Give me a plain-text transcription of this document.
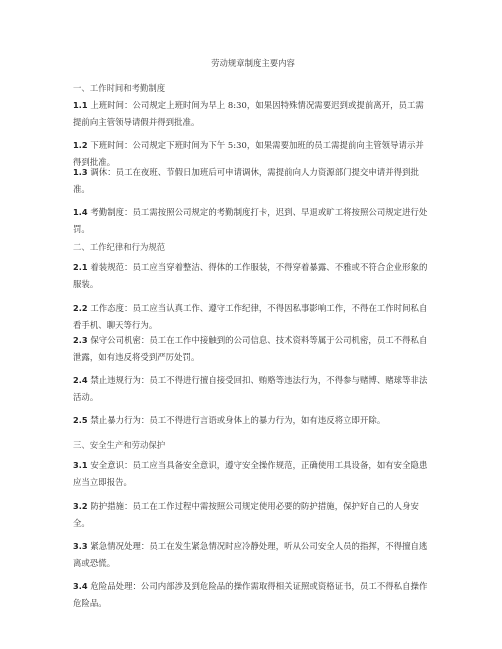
劳动规章制度主要内容
一、工作时间和考勤制度
1.1 上班时间：公司规定上班时间为早上 8:30，如果因特殊情况需要迟到或提前离开，员工需提前向主管领导请假并得到批准。
1.2 下班时间：公司规定下班时间为下午 5:30，如果需要加班的员工需提前向主管领导请示并得到批准。
1.3 调休：员工在夜班、节假日加班后可申请调休，需提前向人力资源部门提交申请并得到批准。
1.4 考勤制度：员工需按照公司规定的考勤制度打卡，迟到、早退或旷工将按照公司规定进行处罚。
二、工作纪律和行为规范
2.1 着装规范：员工应当穿着整洁、得体的工作服装，不得穿着暴露、不雅或不符合企业形象的服装。
2.2 工作态度：员工应当认真工作、遵守工作纪律，不得因私事影响工作，不得在工作时间私自看手机、聊天等行为。
2.3 保守公司机密：员工在工作中接触到的公司信息、技术资料等属于公司机密，员工不得私自泄露，如有违反将受到严厉处罚。
2.4 禁止违规行为：员工不得进行擅自接受回扣、贿赂等违法行为，不得参与赌博、赌球等非法活动。
2.5 禁止暴力行为：员工不得进行言语或身体上的暴力行为，如有违反将立即开除。
三、安全生产和劳动保护
3.1 安全意识：员工应当具备安全意识，遵守安全操作规范，正确使用工具设备，如有安全隐患应当立即报告。
3.2 防护措施：员工在工作过程中需按照公司规定使用必要的防护措施，保护好自己的人身安全。
3.3 紧急情况处理：员工在发生紧急情况时应冷静处理，听从公司安全人员的指挥，不得擅自逃离或恐慌。
3.4 危险品处理：公司内部涉及到危险品的操作需取得相关证照或资格证书，员工不得私自操作危险品。
